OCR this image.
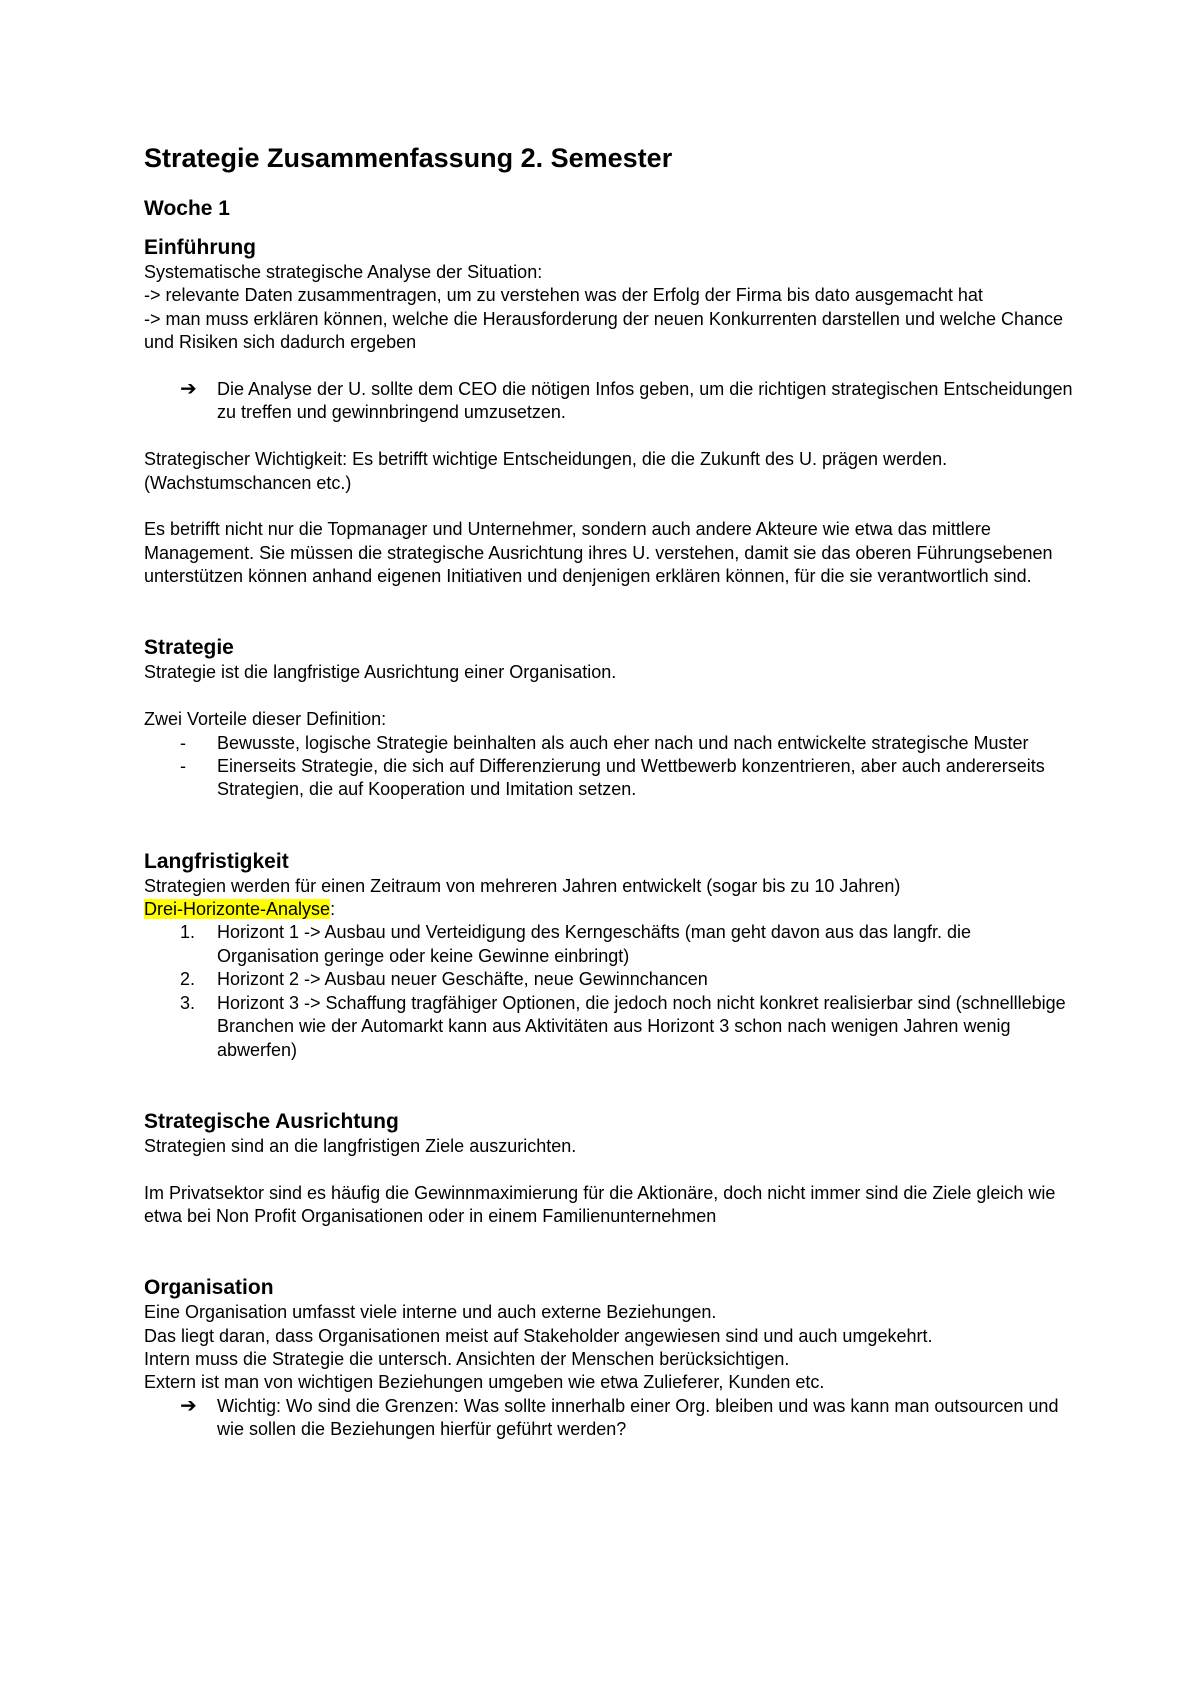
Strategie Zusammenfassung 2. Semester

Woche 1

Einführung

Systematische strategische Analyse der Situation:

-> relevante Daten zusammentragen, um zu verstehen was der Erfolg der Firma bis dato ausgemacht hat

-> man muss erklären können, welche die Herausforderung der neuen Konkurrenten darstellen und welche Chance und Risiken sich dadurch ergeben

➔	Die Analyse der U. sollte dem CEO die nötigen Infos geben, um die richtigen strategischen Entscheidungen zu treffen und gewinnbringend umzusetzen.

Strategischer Wichtigkeit: Es betrifft wichtige Entscheidungen, die die Zukunft des U. prägen werden. (Wachstumschancen etc.)

Es betrifft nicht nur die Topmanager und Unternehmer, sondern auch andere Akteure wie etwa das mittlere Management. Sie müssen die strategische Ausrichtung ihres U. verstehen, damit sie das oberen Führungsebenen unterstützen können anhand eigenen Initiativen und denjenigen erklären können, für die sie verantwortlich sind.

Strategie

Strategie ist die langfristige Ausrichtung einer Organisation.

Zwei Vorteile dieser Definition:

-	Bewusste, logische Strategie beinhalten als auch eher nach und nach entwickelte strategische Muster
-	Einerseits Strategie, die sich auf Differenzierung und Wettbewerb konzentrieren, aber auch andererseits Strategien, die auf Kooperation und Imitation setzen.

Langfristigkeit

Strategien werden für einen Zeitraum von mehreren Jahren entwickelt (sogar bis zu 10 Jahren)

Drei-Horizonte-Analyse:

1.	Horizont 1 -> Ausbau und Verteidigung des Kerngeschäfts (man geht davon aus das langfr. die Organisation geringe oder keine Gewinne einbringt)
2.	Horizont 2 -> Ausbau neuer Geschäfte, neue Gewinnchancen
3.	Horizont 3 -> Schaffung tragfähiger Optionen, die jedoch noch nicht konkret realisierbar sind (schnelllebige Branchen wie der Automarkt kann aus Aktivitäten aus Horizont 3 schon nach wenigen Jahren wenig abwerfen)

Strategische Ausrichtung

Strategien sind an die langfristigen Ziele auszurichten.

Im Privatsektor sind es häufig die Gewinnmaximierung für die Aktionäre, doch nicht immer sind die Ziele gleich wie etwa bei Non Profit Organisationen oder in einem Familienunternehmen

Organisation

Eine Organisation umfasst viele interne und auch externe Beziehungen.

Das liegt daran, dass Organisationen meist auf Stakeholder angewiesen sind und auch umgekehrt.

Intern muss die Strategie die untersch. Ansichten der Menschen berücksichtigen.

Extern ist man von wichtigen Beziehungen umgeben wie etwa Zulieferer, Kunden etc.

➔	Wichtig: Wo sind die Grenzen: Was sollte innerhalb einer Org. bleiben und was kann man outsourcen und wie sollen die Beziehungen hierfür geführt werden?
